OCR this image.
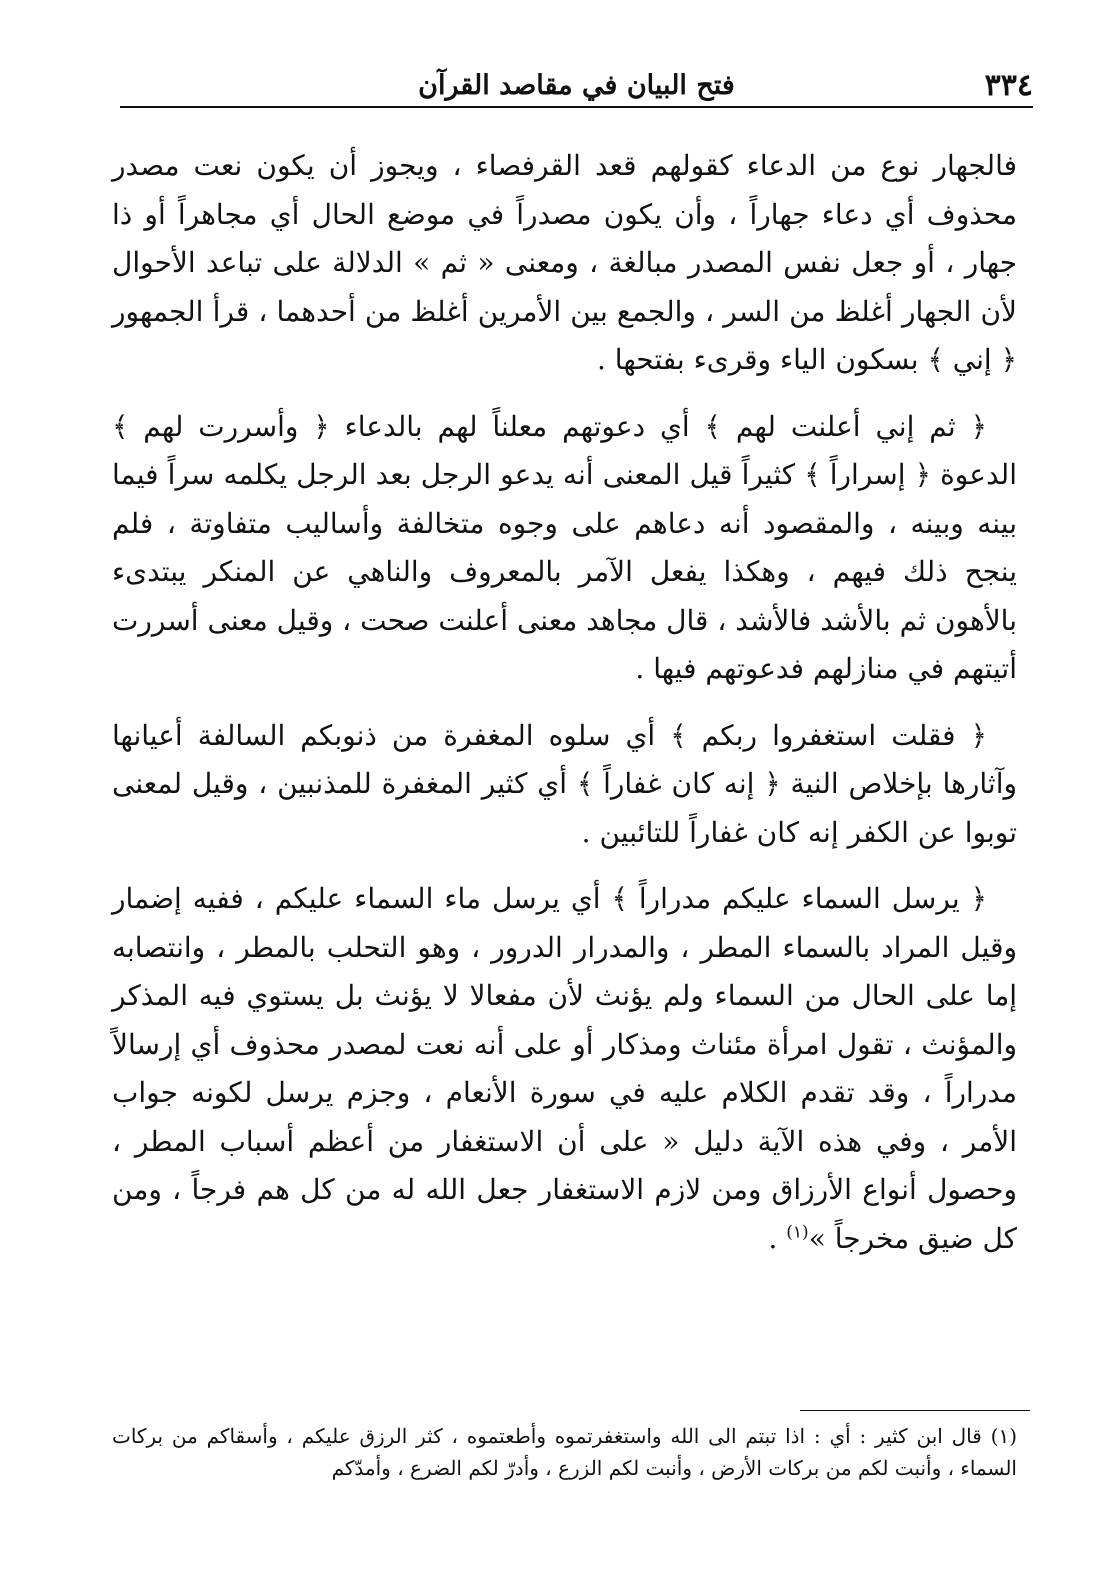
٣٣٤
فتح البيان في مقاصد القرآن

فالجهار نوع من الدعاء كقولهم قعد القرفصاء ، ويجوز أن يكون نعت مصدر محذوف أي دعاء جهاراً ، وأن يكون مصدراً في موضع الحال أي مجاهراً أو ذا جهار ، أو جعل نفس المصدر مبالغة ، ومعنى « ثم » الدلالة على تباعد الأحوال لأن الجهار أغلظ من السر ، والجمع بين الأمرين أغلظ من أحدهما ، قرأ الجمهور ﴿ إني ﴾ بسكون الياء وقرىء بفتحها .

﴿ ثم إني أعلنت لهم ﴾ أي دعوتهم معلناً لهم بالدعاء ﴿ وأسررت لهم ﴾ الدعوة ﴿ إسراراً ﴾ كثيراً قيل المعنى أنه يدعو الرجل بعد الرجل يكلمه سراً فيما بينه وبينه ، والمقصود أنه دعاهم على وجوه متخالفة وأساليب متفاوتة ، فلم ينجح ذلك فيهم ، وهكذا يفعل الآمر بالمعروف والناهي عن المنكر يبتدىء بالأهون ثم بالأشد فالأشد ، قال مجاهد معنى أعلنت صحت ، وقيل معنى أسررت أتيتهم في منازلهم فدعوتهم فيها .

﴿ فقلت استغفروا ربكم ﴾ أي سلوه المغفرة من ذنوبكم السالفة أعيانها وآثارها بإخلاص النية ﴿ إنه كان غفاراً ﴾ أي كثير المغفرة للمذنبين ، وقيل لمعنى توبوا عن الكفر إنه كان غفاراً للتائبين .

﴿ يرسل السماء عليكم مدراراً ﴾ أي يرسل ماء السماء عليكم ، ففيه إضمار وقيل المراد بالسماء المطر ، والمدرار الدرور ، وهو التحلب بالمطر ، وانتصابه إما على الحال من السماء ولم يؤنث لأن مفعالا لا يؤنث بل يستوي فيه المذكر والمؤنث ، تقول امرأة مئناث ومذكار أو على أنه نعت لمصدر محذوف أي إرسالاً مدراراً ، وقد تقدم الكلام عليه في سورة الأنعام ، وجزم يرسل لكونه جواب الأمر ، وفي هذه الآية دليل « على أن الاستغفار من أعظم أسباب المطر ، وحصول أنواع الأرزاق ومن لازم الاستغفار جعل الله له من كل هم فرجاً ، ومن كل ضيق مخرجاً »$^{(١)}$ .

(١) قال ابن كثير : أي : اذا تبتم الى الله واستغفرتموه وأطعتموه ، كثر الرزق عليكم ، وأسقاكم من بركات السماء ، وأنبت لكم من بركات الأرض ، وأنبت لكم الزرع ، وأدرّ لكم الضرع ، وأمدّكم
